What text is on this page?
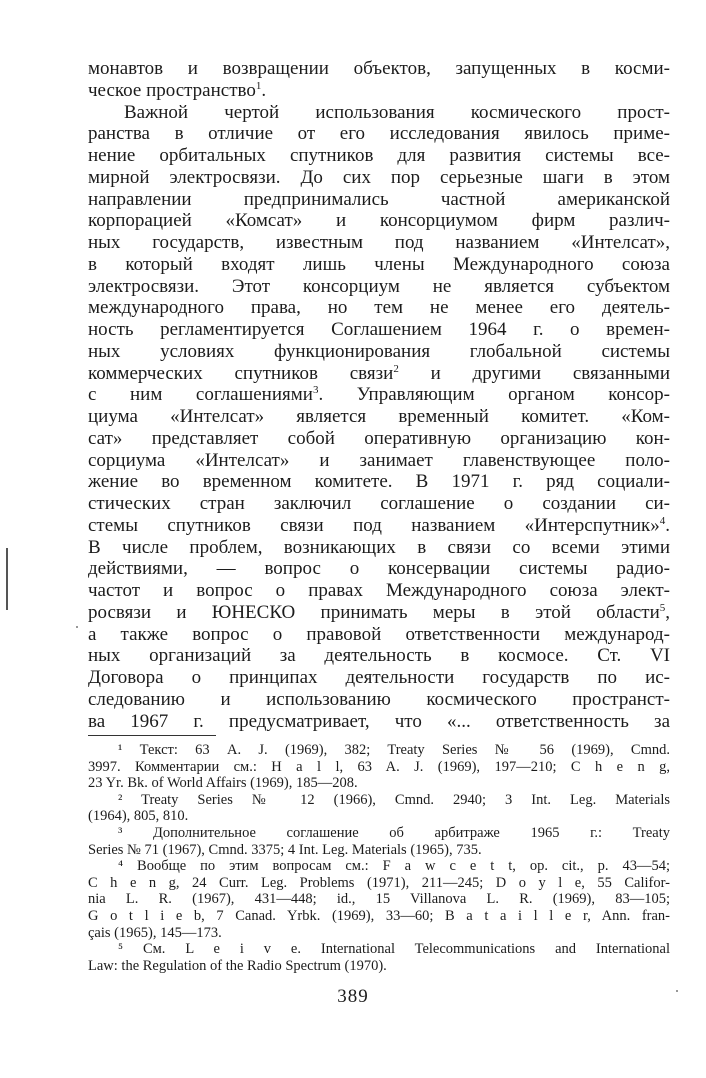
монавтов и возвращении объектов, запущенных в косми-
ческое пространство$^1$.
Важной чертой использования космического прост-
ранства в отличие от его исследования явилось приме-
нение орбитальных спутников для развития системы все-
мирной электросвязи. До сих пор серьезные шаги в этом
направлении предпринимались частной американской
корпорацией «Комсат» и консорциумом фирм различ-
ных государств, известным под названием «Интелсат»,
в который входят лишь члены Международного союза
электросвязи. Этот консорциум не является субъектом
международного права, но тем не менее его деятель-
ность регламентируется Соглашением 1964 г. о времен-
ных условиях функционирования глобальной системы
коммерческих спутников связи$^2$ и другими связанными
с ним соглашениями$^3$. Управляющим органом консор-
циума «Интелсат» является временный комитет. «Ком-
сат» представляет собой оперативную организацию кон-
сорциума «Интелсат» и занимает главенствующее поло-
жение во временном комитете. В 1971 г. ряд социали-
стических стран заключил соглашение о создании си-
стемы спутников связи под названием «Интерспутник»$^4$.
В числе проблем, возникающих в связи со всеми этими
действиями, — вопрос о консервации системы радио-
частот и вопрос о правах Международного союза элект-
росвязи и ЮНЕСКО принимать меры в этой области$^5$,
а также вопрос о правовой ответственности международ-
ных организаций за деятельность в космосе. Ст. VI
Договора о принципах деятельности государств по ис-
следованию и использованию космического пространст-
ва 1967 г. предусматривает, что «... ответственность за
¹ Текст: 63 A. J. (1969), 382; Treaty Series № 56 (1969), Cmnd.
3997. Комментарии см.: H a l l, 63 A. J. (1969), 197—210; C h e n g,
23 Yr. Bk. of World Affairs (1969), 185—208.
² Treaty Series № 12 (1966), Cmnd. 2940; 3 Int. Leg. Materials
(1964), 805, 810.
³ Дополнительное соглашение об арбитраже 1965 г.: Treaty
Series № 71 (1967), Cmnd. 3375; 4 Int. Leg. Materials (1965), 735.
⁴ Вообще по этим вопросам см.: F a w c e t t, op. cit., p. 43—54;
C h e n g, 24 Curr. Leg. Problems (1971), 211—245; D o y l e, 55 Califor-
nia L. R. (1967), 431—448; id., 15 Villanova L. R. (1969), 83—105;
G o t l i e b, 7 Canad. Yrbk. (1969), 33—60; B a t a i l l e r, Ann. fran-
çais (1965), 145—173.
⁵ См. L e i v e. International Telecommunications and International
Law: the Regulation of the Radio Spectrum (1970).
389
